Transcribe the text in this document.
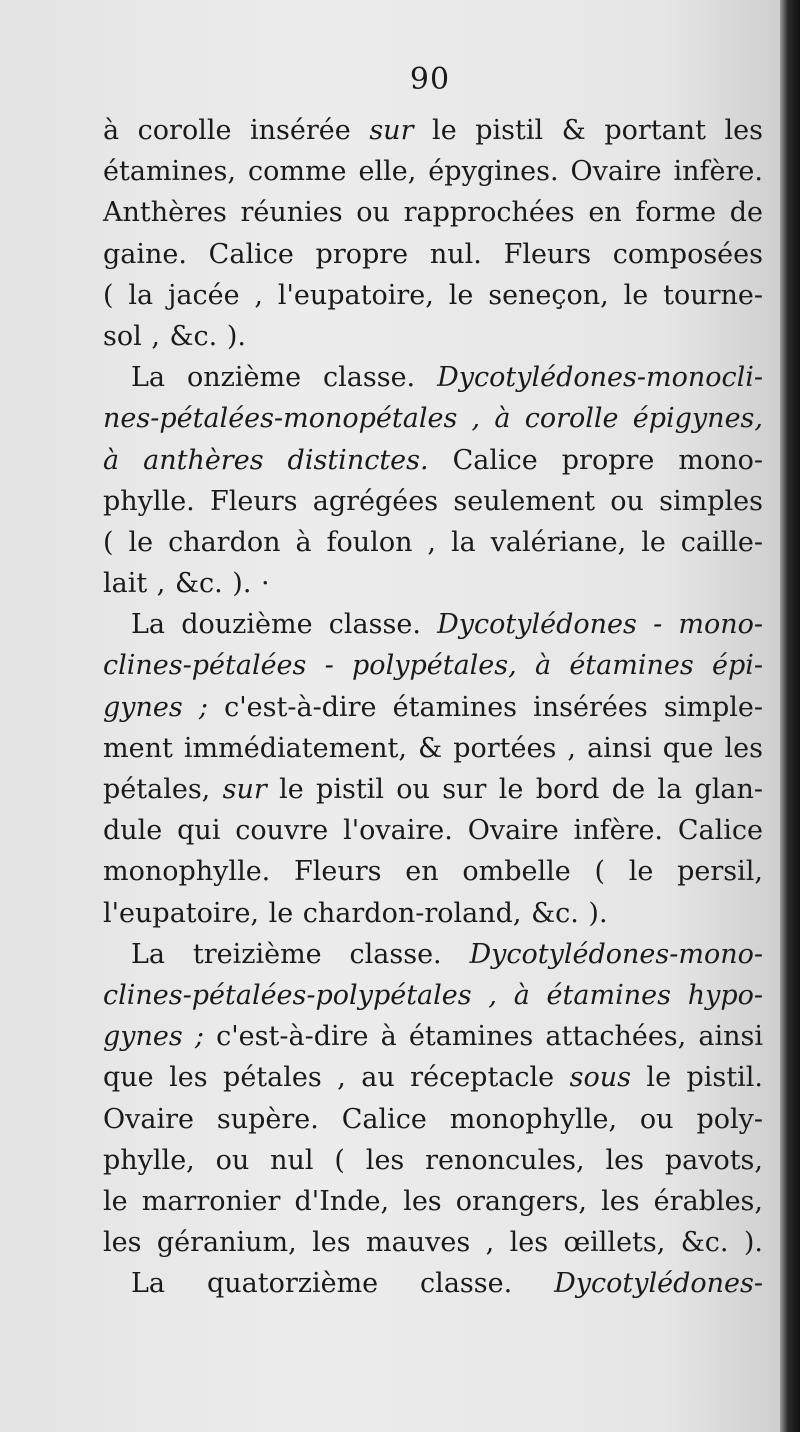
90
à corolle insérée sur le pistil & portant les
étamines, comme elle, épygines. Ovaire infère.
Anthères réunies ou rapprochées en forme de
gaine. Calice propre nul. Fleurs composées
( la jacée , l'eupatoire, le seneçon, le tourne-
sol , &c. ).
La onzième classe. Dycotylédones-monocli-
nes-pétalées-monopétales , à corolle épigynes,
à anthères distinctes. Calice propre mono-
phylle. Fleurs agrégées seulement ou simples
( le chardon à foulon , la valériane, le caille-
lait , &c. ). ·
La douzième classe. Dycotylédones - mono-
clines-pétalées - polypétales, à étamines épi-
gynes ; c'est-à-dire étamines insérées simple-
ment immédiatement, & portées , ainsi que les
pétales, sur le pistil ou sur le bord de la glan-
dule qui couvre l'ovaire. Ovaire infère. Calice
monophylle. Fleurs en ombelle ( le persil,
l'eupatoire, le chardon-roland, &c. ).
La treizième classe. Dycotylédones-mono-
clines-pétalées-polypétales , à étamines hypo-
gynes ; c'est-à-dire à étamines attachées, ainsi
que les pétales , au réceptacle sous le pistil.
Ovaire supère. Calice monophylle, ou poly-
phylle, ou nul ( les renoncules, les pavots,
le marronier d'Inde, les orangers, les érables,
les géranium, les mauves , les œillets, &c. ).
La quatorzième classe. Dycotylédones-
